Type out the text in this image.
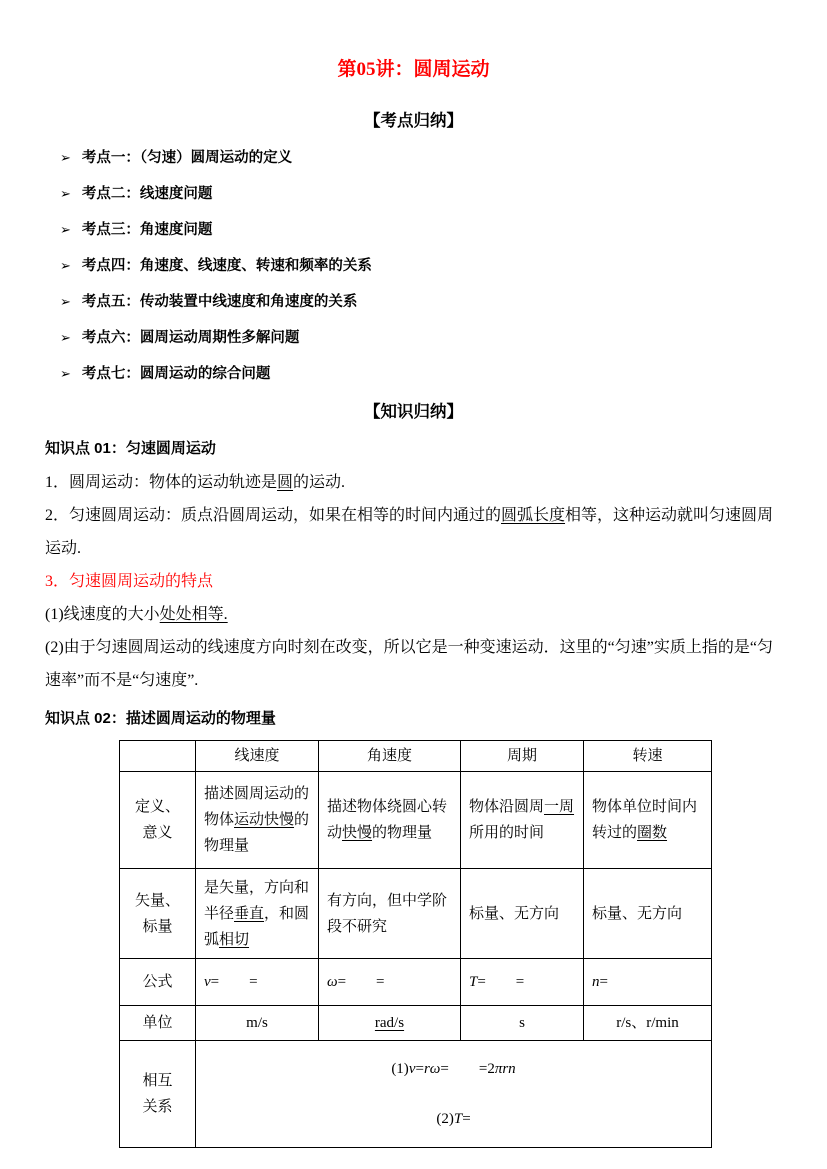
第05讲：圆周运动
【考点归纳】
➢ 考点一：（匀速）圆周运动的定义
➢ 考点二：线速度问题
➢ 考点三：角速度问题
➢ 考点四：角速度、线速度、转速和频率的关系
➢ 考点五：传动装置中线速度和角速度的关系
➢ 考点六：圆周运动周期性多解问题
➢ 考点七：圆周运动的综合问题
【知识归纳】

知识点 01：匀速圆周运动

1．圆周运动：物体的运动轨迹是圆的运动.

2．匀速圆周运动：质点沿圆周运动，如果在相等的时间内通过的圆弧长度相等，这种运动就叫匀速圆周运动.

3．匀速圆周运动的特点

(1)线速度的大小处处相等.

(2)由于匀速圆周运动的线速度方向时刻在改变，所以它是一种变速运动．这里的“匀速”实质上指的是“匀速率”而不是“匀速度”.

知识点 02：描述圆周运动的物理量

	线速度	角速度	周期	转速
定义、
意义	描述圆周运动的物体运动快慢的物理量	描述物体绕圆心转动快慢的物理量	物体沿圆周一周所用的时间	物体单位时间内转过的圈数
矢量、
标量	是矢量，方向和半径垂直，和圆弧相切	有方向，但中学阶段不研究	标量、无方向	标量、无方向
公式	v=  =	ω=  =	T=  =	n=
单位	m/s	rad/s	s	r/s、r/min
相互
关系	
(1)v=rω=  =2πrn
(2)T=
